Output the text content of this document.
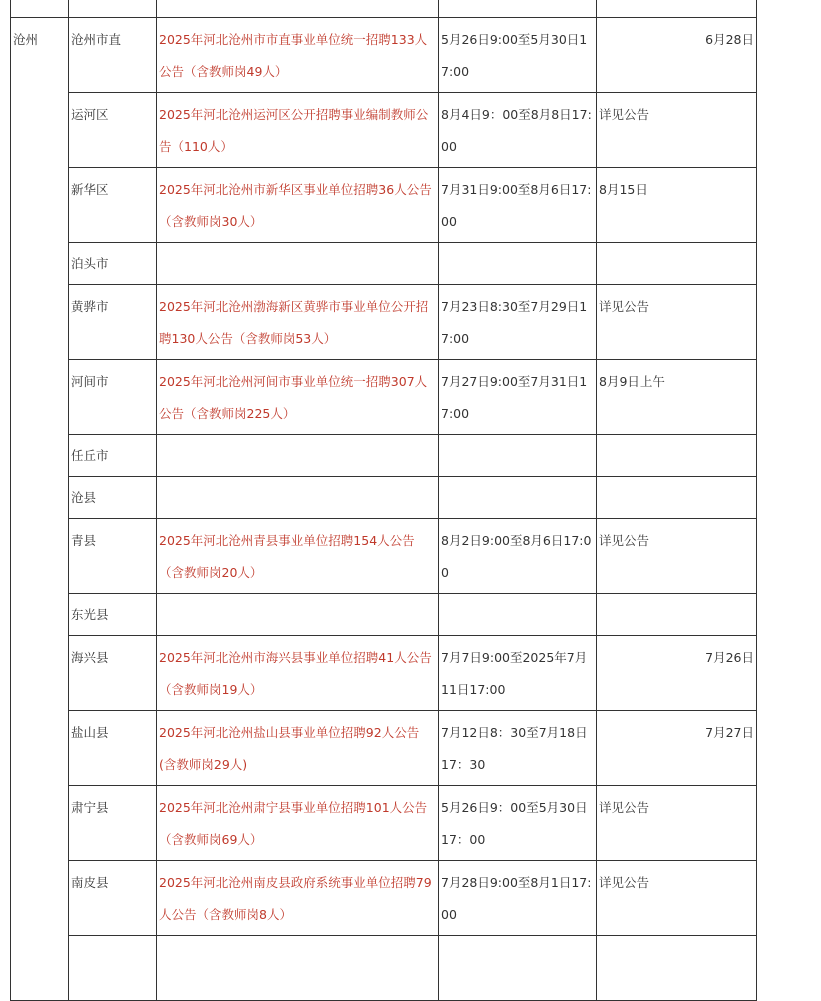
沧州	沧州市直	2025年河北沧州市市直事业单位统一招聘133人公告（含教师岗49人）	5月26日9:00至5月30日17:00	6月28日
	运河区	2025年河北沧州运河区公开招聘事业编制教师公告（110人）	8月4日9：00至8月8日17:00	详见公告
	新华区	2025年河北沧州市新华区事业单位招聘36人公告（含教师岗30人）	7月31日9:00至8月6日17:00	8月15日
	泊头市			
	黄骅市	2025年河北沧州渤海新区黄骅市事业单位公开招聘130人公告（含教师岗53人）	7月23日8:30至7月29日17:00	详见公告
	河间市	2025年河北沧州河间市事业单位统一招聘307人公告（含教师岗225人）	7月27日9:00至7月31日17:00	8月9日上午
	任丘市			
	沧县			
	青县	2025年河北沧州青县事业单位招聘154人公告（含教师岗20人）	8月2日9:00至8月6日17:00	详见公告
	东光县			
	海兴县	2025年河北沧州市海兴县事业单位招聘41人公告（含教师岗19人）	7月7日9:00至2025年7月11日17:00	7月26日
	盐山县	2025年河北沧州盐山县事业单位招聘92人公告(含教师岗29人)	7月12日8：30至7月18日17：30	7月27日
	肃宁县	2025年河北沧州肃宁县事业单位招聘101人公告（含教师岗69人）	5月26日9：00至5月30日17：00	详见公告
	南皮县	2025年河北沧州南皮县政府系统事业单位招聘79人公告（含教师岗8人）	7月28日9:00至8月1日17:00	详见公告
